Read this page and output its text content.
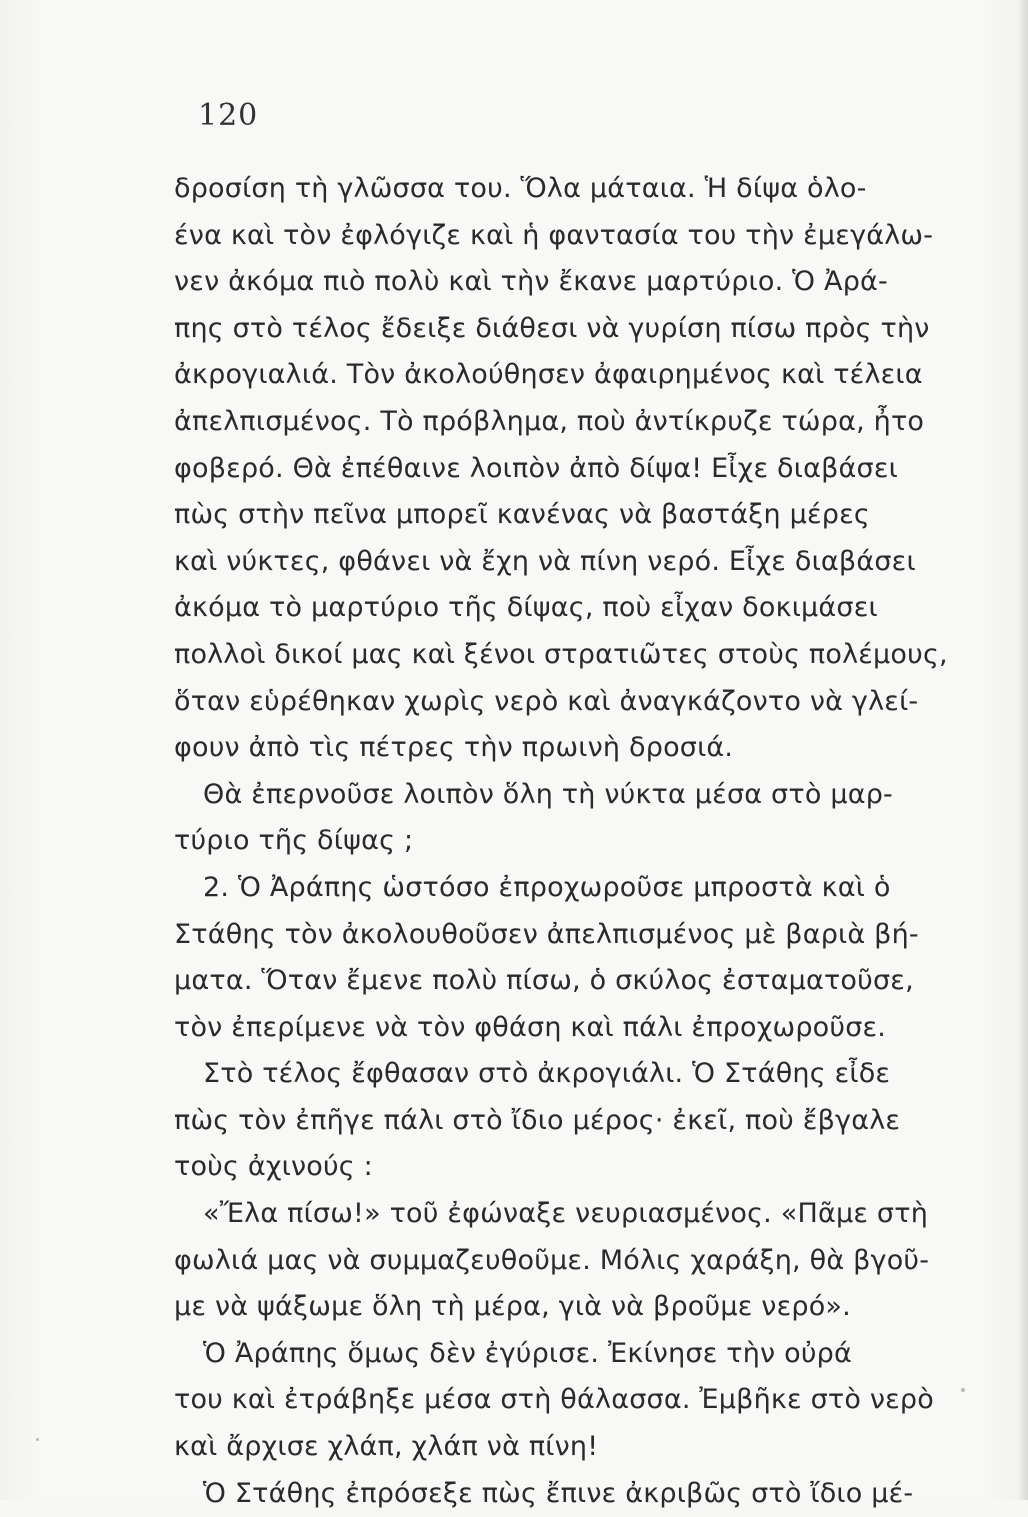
120
δροσίση τὴ γλῶσσα του. Ὅλα μάταια. Ἡ δίψα ὁλο-
ένα καὶ τὸν ἐφλόγιζε καὶ ἡ φαντασία του τὴν ἐμεγάλω-
νεν ἀκόμα πιὸ πολὺ καὶ τὴν ἔκανε μαρτύριο. Ὁ Ἀρά-
πης στὸ τέλος ἔδειξε διάθεσι νὰ γυρίση πίσω πρὸς τὴν
ἀκρογιαλιά. Τὸν ἀκολούθησεν ἀφαιρημένος καὶ τέλεια
ἀπελπισμένος. Τὸ πρόβλημα, ποὺ ἀντίκρυζε τώρα, ἦτο
φοβερό. Θὰ ἐπέθαινε λοιπὸν ἀπὸ δίψα! Εἶχε διαβάσει
πὼς στὴν πεῖνα μπορεῖ κανένας νὰ βαστάξη μέρες
καὶ νύκτες, φθάνει νὰ ἔχη νὰ πίνη νερό. Εἶχε διαβάσει
ἀκόμα τὸ μαρτύριο τῆς δίψας, ποὺ εἶχαν δοκιμάσει
πολλοὶ δικοί μας καὶ ξένοι στρατιῶτες στοὺς πολέμους,
ὅταν εὑρέθηκαν χωρὶς νερὸ καὶ ἀναγκάζοντο νὰ γλεί-
φουν ἀπὸ τὶς πέτρες τὴν πρωινὴ δροσιά.
Θὰ ἐπερνοῦσε λοιπὸν ὅλη τὴ νύκτα μέσα στὸ μαρ-
τύριο τῆς δίψας ;
2. Ὁ Ἀράπης ὡστόσο ἐπροχωροῦσε μπροστὰ καὶ ὁ
Στάθης τὸν ἀκολουθοῦσεν ἀπελπισμένος μὲ βαριὰ βή-
ματα. Ὅταν ἔμενε πολὺ πίσω, ὁ σκύλος ἐσταματοῦσε,
τὸν ἐπερίμενε νὰ τὸν φθάση καὶ πάλι ἐπροχωροῦσε.
Στὸ τέλος ἔφθασαν στὸ ἀκρογιάλι. Ὁ Στάθης εἶδε
πὼς τὸν ἐπῆγε πάλι στὸ ἴδιο μέρος· ἐκεῖ, ποὺ ἔβγαλε
τοὺς ἀχινούς :
«Ἔλα πίσω!» τοῦ ἐφώναξε νευριασμένος. «Πᾶμε στὴ
φωλιά μας νὰ συμμαζευθοῦμε. Μόλις χαράξη, θὰ βγοῦ-
με νὰ ψάξωμε ὅλη τὴ μέρα, γιὰ νὰ βροῦμε νερό».
Ὁ Ἀράπης ὅμως δὲν ἐγύρισε. Ἐκίνησε τὴν οὐρά
του καὶ ἐτράβηξε μέσα στὴ θάλασσα. Ἐμβῆκε στὸ νερὸ
καὶ ἄρχισε χλάπ, χλάπ νὰ πίνη!
Ὁ Στάθης ἐπρόσεξε πὼς ἔπινε ἀκριβῶς στὸ ἴδιο μέ-
